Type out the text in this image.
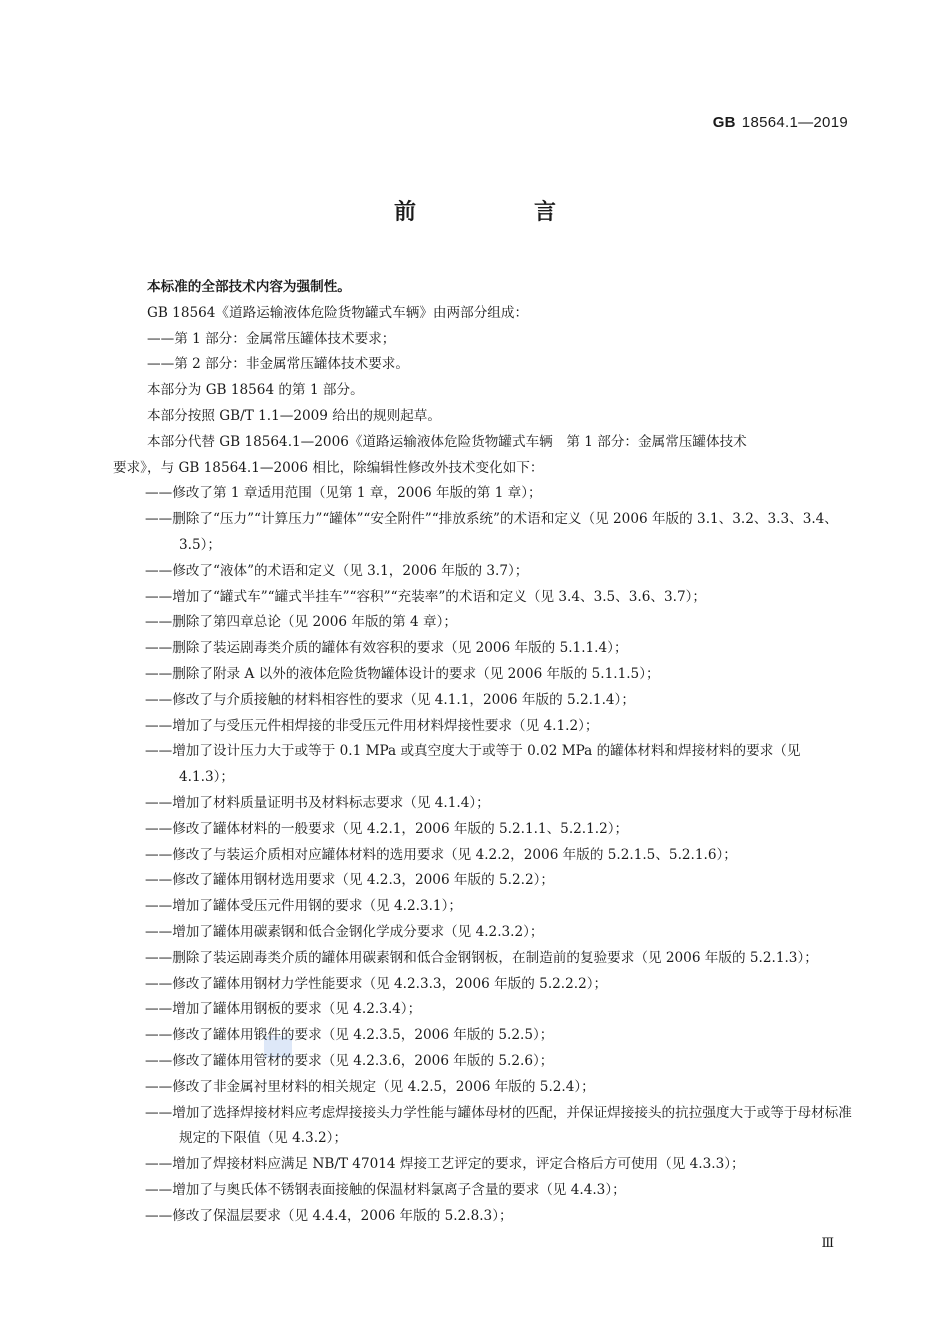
GB 18564.1—2019
前　言
本标准的全部技术内容为强制性。
GB 18564《道路运输液体危险货物罐式车辆》由两部分组成：
——第 1 部分：金属常压罐体技术要求；
——第 2 部分：非金属常压罐体技术要求。
本部分为 GB 18564 的第 1 部分。
本部分按照 GB/T 1.1—2009 给出的规则起草。
本部分代替 GB 18564.1—2006《道路运输液体危险货物罐式车辆　第 1 部分：金属常压罐体技术
要求》，与 GB 18564.1—2006 相比，除编辑性修改外技术变化如下：
——修改了第 1 章适用范围（见第 1 章，2006 年版的第 1 章）；
——删除了“压力”“计算压力”“罐体”“安全附件”“排放系统”的术语和定义（见 2006 年版的 3.1、3.2、3.3、3.4、3.5）；
——修改了“液体”的术语和定义（见 3.1，2006 年版的 3.7）；
——增加了“罐式车”“罐式半挂车”“容积”“充装率”的术语和定义（见 3.4、3.5、3.6、3.7）；
——删除了第四章总论（见 2006 年版的第 4 章）；
——删除了装运剧毒类介质的罐体有效容积的要求（见 2006 年版的 5.1.1.4）；
——删除了附录 A 以外的液体危险货物罐体设计的要求（见 2006 年版的 5.1.1.5）；
——修改了与介质接触的材料相容性的要求（见 4.1.1，2006 年版的 5.2.1.4）；
——增加了与受压元件相焊接的非受压元件用材料焊接性要求（见 4.1.2）；
——增加了设计压力大于或等于 0.1 MPa 或真空度大于或等于 0.02 MPa 的罐体材料和焊接材料的要求（见 4.1.3）；
——增加了材料质量证明书及材料标志要求（见 4.1.4）；
——修改了罐体材料的一般要求（见 4.2.1，2006 年版的 5.2.1.1、5.2.1.2）；
——修改了与装运介质相对应罐体材料的选用要求（见 4.2.2，2006 年版的 5.2.1.5、5.2.1.6）；
——修改了罐体用钢材选用要求（见 4.2.3，2006 年版的 5.2.2）；
——增加了罐体受压元件用钢的要求（见 4.2.3.1）；
——增加了罐体用碳素钢和低合金钢化学成分要求（见 4.2.3.2）；
——删除了装运剧毒类介质的罐体用碳素钢和低合金钢钢板，在制造前的复验要求（见 2006 年版的 5.2.1.3）；
——修改了罐体用钢材力学性能要求（见 4.2.3.3，2006 年版的 5.2.2.2）；
——增加了罐体用钢板的要求（见 4.2.3.4）；
——修改了罐体用锻件的要求（见 4.2.3.5，2006 年版的 5.2.5）；
——修改了罐体用管材的要求（见 4.2.3.6，2006 年版的 5.2.6）；
——修改了非金属衬里材料的相关规定（见 4.2.5，2006 年版的 5.2.4）；
——增加了选择焊接材料应考虑焊接接头力学性能与罐体母材的匹配，并保证焊接接头的抗拉强度大于或等于母材标准规定的下限值（见 4.3.2）；
——增加了焊接材料应满足 NB/T 47014 焊接工艺评定的要求，评定合格后方可使用（见 4.3.3）；
——增加了与奥氏体不锈钢表面接触的保温材料氯离子含量的要求（见 4.4.3）；
——修改了保温层要求（见 4.4.4，2006 年版的 5.2.8.3）；
Ⅲ
